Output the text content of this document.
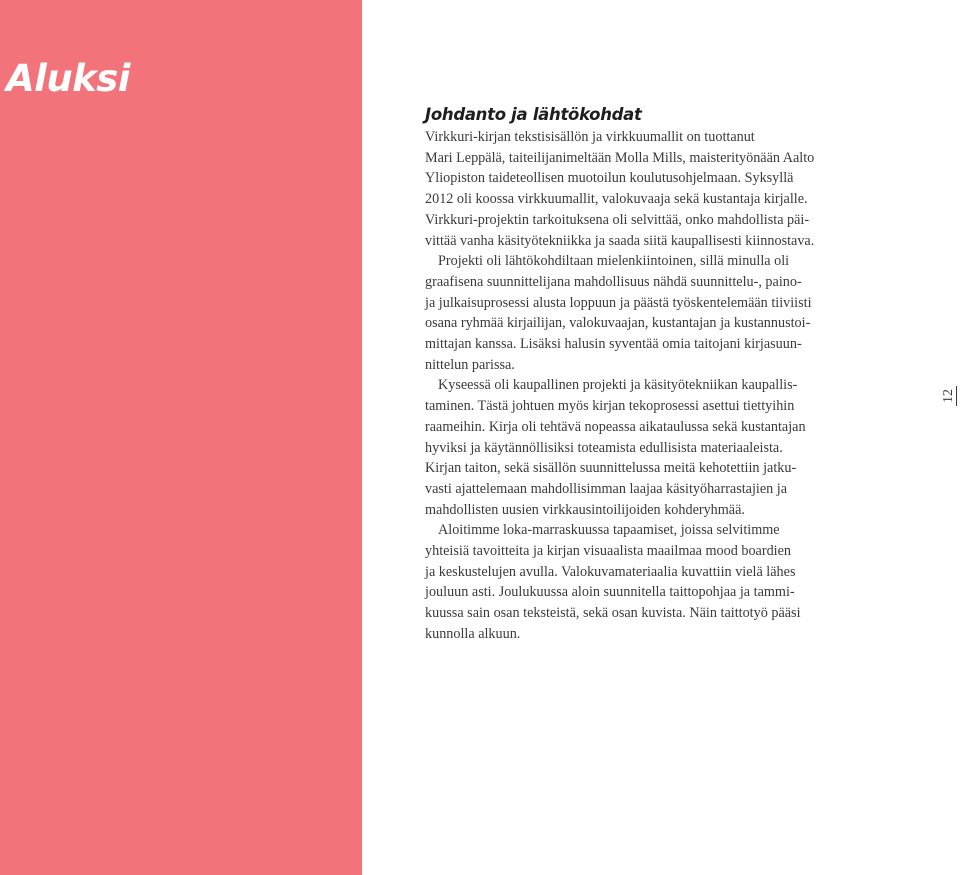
Aluksi
Johdanto ja lähtökohdat

Virkkuri-kirjan tekstisisällön ja virkkuumallit on tuottanut
Mari Leppälä, taiteilijanimeltään Molla Mills, maisterityönään Aalto
Yliopiston taideteollisen muotoilun koulutusohjelmaan. Syksyllä
2012 oli koossa virkkuumallit, valokuvaaja sekä kustantaja kirjalle.
Virkkuri-projektin tarkoituksena oli selvittää, onko mahdollista päi-
vittää vanha käsityötekniikka ja saada siitä kaupallisesti kiinnostava.
Projekti oli lähtökohdiltaan mielenkiintoinen, sillä minulla oli
graafisena suunnittelijana mahdollisuus nähdä suunnittelu-, paino-
ja julkaisuprosessi alusta loppuun ja päästä työskentelemään tiiviisti
osana ryhmää kirjailijan, valokuvaajan, kustantajan ja kustannustoi-
mittajan kanssa. Lisäksi halusin syventää omia taitojani kirjasuun-
nittelun parissa.
Kyseessä oli kaupallinen projekti ja käsityötekniikan kaupallis-
taminen. Tästä johtuen myös kirjan tekoprosessi asettui tiettyihin
raameihin. Kirja oli tehtävä nopeassa aikataulussa sekä kustantajan
hyviksi ja käytännöllisiksi toteamista edullisista materiaaleista.
Kirjan taiton, sekä sisällön suunnittelussa meitä kehotettiin jatku-
vasti ajattelemaan mahdollisimman laajaa käsityöharrastajien ja
mahdollisten uusien virkkausintoilijoiden kohderyhmää.
Aloitimme loka-marraskuussa tapaamiset, joissa selvitimme
yhteisiä tavoitteita ja kirjan visuaalista maailmaa mood boardien
ja keskustelujen avulla. Valokuvamateriaalia kuvattiin vielä lähes
jouluun asti. Joulukuussa aloin suunnitella taittopohjaa ja tammi-
kuussa sain osan teksteistä, sekä osan kuvista. Näin taittotyö pääsi
kunnolla alkuun.

12
